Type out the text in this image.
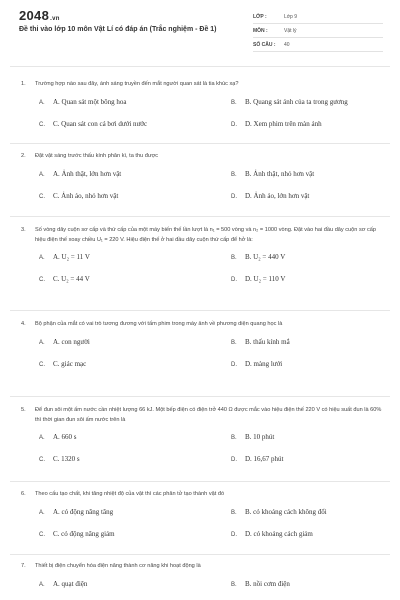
2048.vn
Đề thi vào lớp 10 môn Vật Lí có đáp án (Trắc nghiệm - Đề 1)
LỚP :	Lớp 9
MÔN :	Vật lý
SỐ CÂU : 40
1. Trường hợp nào sau đây, ánh sáng truyền đến mắt người quan sát là tia khúc xạ?
A. A. Quan sát một bông hoa	B. B. Quang sát ánh của ta trong gương
C. C. Quan sát con cá bơi dưới nước	D. D. Xem phim trên màn ảnh
2. Đặt vật sáng trước thấu kính phân kì, ta thu được
A. A. Ảnh thật, lớn hơn vật	B. B. Ảnh thật, nhỏ hơn vật
C. C. Ảnh ảo, nhỏ hơn vật	D. D. Ảnh ảo, lớn hơn vật
3. Số vòng dây cuộn sơ cấp và thứ cấp của một máy biến thế lần lượt là n₁ = 500 vòng và n₂ = 1000 vòng. Đặt vào hai đầu dây cuộn sơ cấp hiệu điện thế xoay chiều U₁ = 220 V. Hiệu điện thế ở hai đầu dây cuộn thứ cấp để hở là:
A. A. U₂ = 11 V	B. B. U₂ = 440 V
C. C. U₂ = 44 V	D. D. U₂ = 110 V
4. Bộ phận của mắt có vai trò tương đương với tấm phim trong máy ảnh về phương diện quang học là
A. A. con người	B. B. thấu kính mắ
C. C. giác mạc	D. D. màng lưới
5. Để đun sôi một ấm nước cần nhiệt lượng 66 kJ. Một bếp điện có điện trở 440 Ω được mắc vào hiệu điện thế 220 V có hiệu suất đun là 60% thì thời gian đun sôi ấm nước trên là
A. A. 660 s	B. B. 10 phút
C. C. 1320 s	D. D. 16,67 phút
6. Theo cấu tạo chất, khi tăng nhiệt độ của vật thì các phân tử tạo thành vật đó
A. A. có động năng tăng	B. B. có khoảng cách không đổi
C. C. có động năng giảm	D. D. có khoảng cách giảm
7. Thiết bị điện chuyển hóa điện năng thành cơ năng khi hoạt động là
A. A. quạt điện	B. B. nồi cơm điện
